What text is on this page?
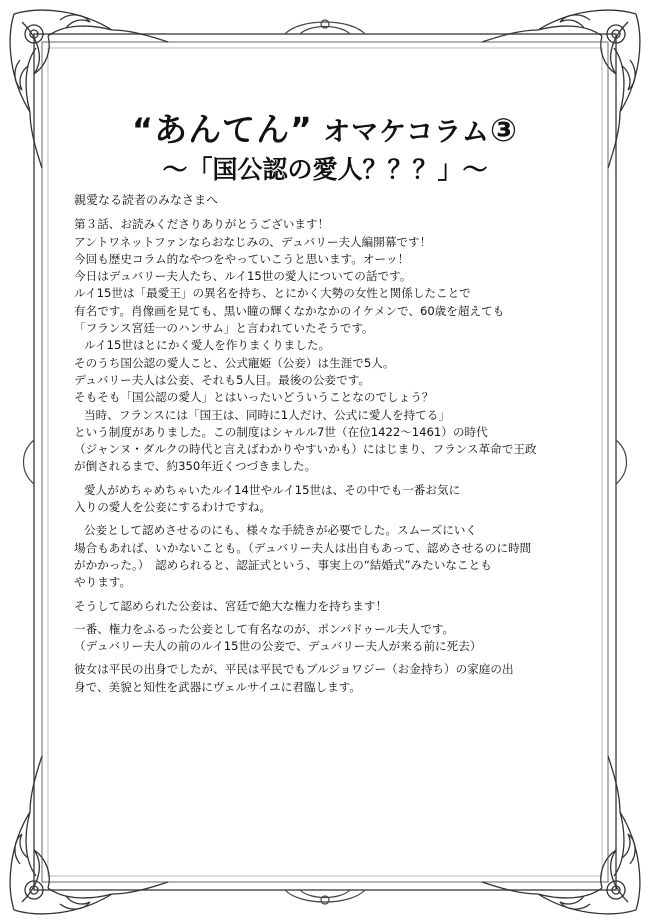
“あんてん” オマケコラム③
〜「国公認の愛人？？？」〜
親愛なる読者のみなさまへ
第３話、お読みくださりありがとうございます！
アントワネットファンならおなじみの、デュバリー夫人編開幕です！
今回も歴史コラム的なやつをやっていこうと思います。オーッ！
今日はデュバリー夫人たち、ルイ15世の愛人についての話です。
ルイ15世は「最愛王」の異名を持ち、とにかく大勢の女性と関係したことで
有名です。肖像画を見ても、黒い瞳の輝くなかなかのイケメンで、60歳を超えても
「フランス宮廷一のハンサム」と言われていたそうです。
ルイ15世はとにかく愛人を作りまくりました。
そのうち国公認の愛人こと、公式寵姫（公妾）は生涯で5人。
デュバリー夫人は公妾、それも5人目。最後の公妾です。
そもそも「国公認の愛人」とはいったいどういうことなのでしょう？
当時、フランスには「国王は、同時に1人だけ、公式に愛人を持てる」
という制度がありました。この制度はシャルル7世（在位1422〜1461）の時代
（ジャンヌ・ダルクの時代と言えばわかりやすいかも）にはじまり、フランス革命で王政
が倒されるまで、約350年近くつづきました。
愛人がめちゃめちゃいたルイ14世やルイ15世は、その中でも一番お気に
入りの愛人を公妾にするわけですね。
公妾として認めさせるのにも、様々な手続きが必要でした。スムーズにいく
場合もあれば、いかないことも。（デュバリー夫人は出自もあって、認めさせるのに時間
がかかった。）　認められると、認証式という、事実上の“結婚式”みたいなことも
やります。
そうして認められた公妾は、宮廷で絶大な権力を持ちます！
一番、権力をふるった公妾として有名なのが、ポンパドゥール夫人です。
（デュバリー夫人の前のルイ15世の公妾で、デュバリー夫人が来る前に死去）
彼女は平民の出身でしたが、平民は平民でもブルジョワジー（お金持ち）の家庭の出
身で、美貌と知性を武器にヴェルサイユに君臨します。
